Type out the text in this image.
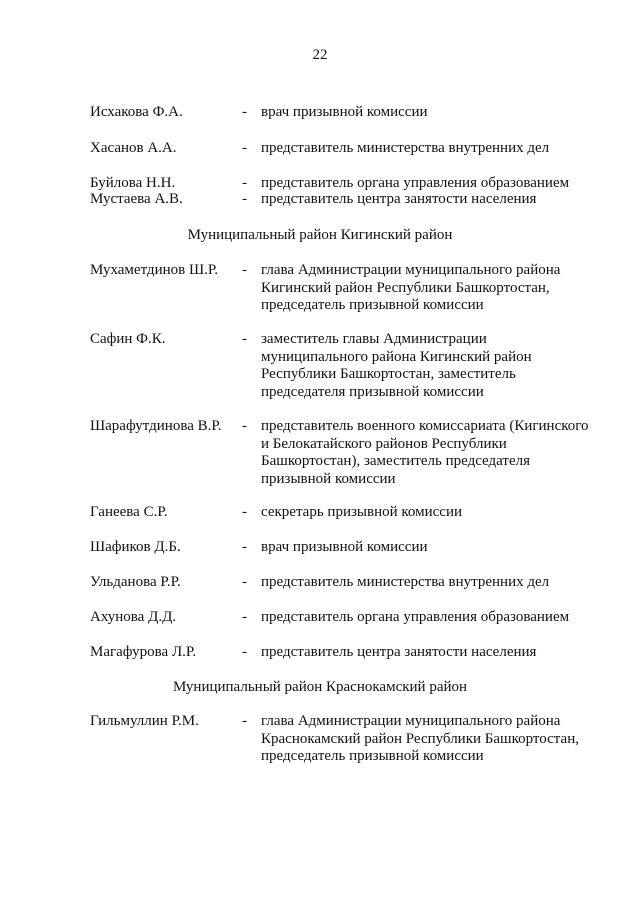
22
Исхакова Ф.А.	- врач призывной комиссии
Хасанов А.А.	- представитель министерства внутренних дел
Буйлова Н.Н.	- представитель органа управления образованием
Мустаева А.В.	- представитель центра занятости населения
Муниципальный район Кигинский район
Мухаметдинов Ш.Р. - глава Администрации муниципального района
Кигинский район Республики Башкортостан,
председатель призывной комиссии
Сафин Ф.К.	- заместитель главы Администрации
муниципального района Кигинский район
Республики Башкортостан, заместитель
председателя призывной комиссии
Шарафутдинова В.Р. - представитель военного комиссариата (Кигинского
и Белокатайского районов Республики
Башкортостан), заместитель председателя
призывной комиссии
Ганеева С.Р.	- секретарь призывной комиссии
Шафиков Д.Б.	- врач призывной комиссии
Ульданова Р.Р.	- представитель министерства внутренних дел
Ахунова Д.Д.	- представитель органа управления образованием
Магафурова Л.Р.	- представитель центра занятости населения
Муниципальный район Краснокамский район
Гильмуллин Р.М.	- глава Администрации муниципального района
Краснокамский район Республики Башкортостан,
председатель призывной комиссии
